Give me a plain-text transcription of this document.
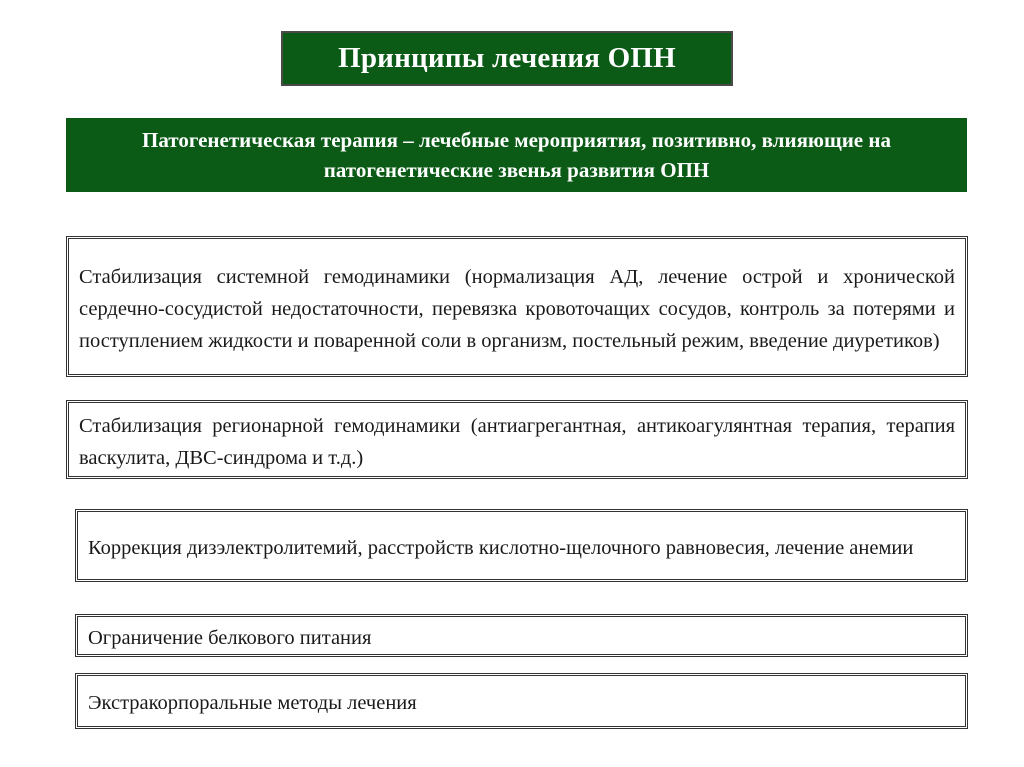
Принципы лечения ОПН
Патогенетическая терапия – лечебные мероприятия, позитивно, влияющие на патогенетические звенья развития ОПН
Стабилизация системной гемодинамики (нормализация АД, лечение острой и хронической сердечно-сосудистой недостаточности, перевязка кровоточащих сосудов, контроль за потерями и поступлением жидкости и поваренной соли в организм, постельный режим, введение диуретиков)
Стабилизация регионарной гемодинамики (антиагрегантная, антикоагулянтная терапия, терапия васкулита, ДВС-синдрома и т.д.)
Коррекция дизэлектролитемий, расстройств кислотно-щелочного равновесия, лечение анемии
Ограничение белкового питания
Экстракорпоральные методы лечения
